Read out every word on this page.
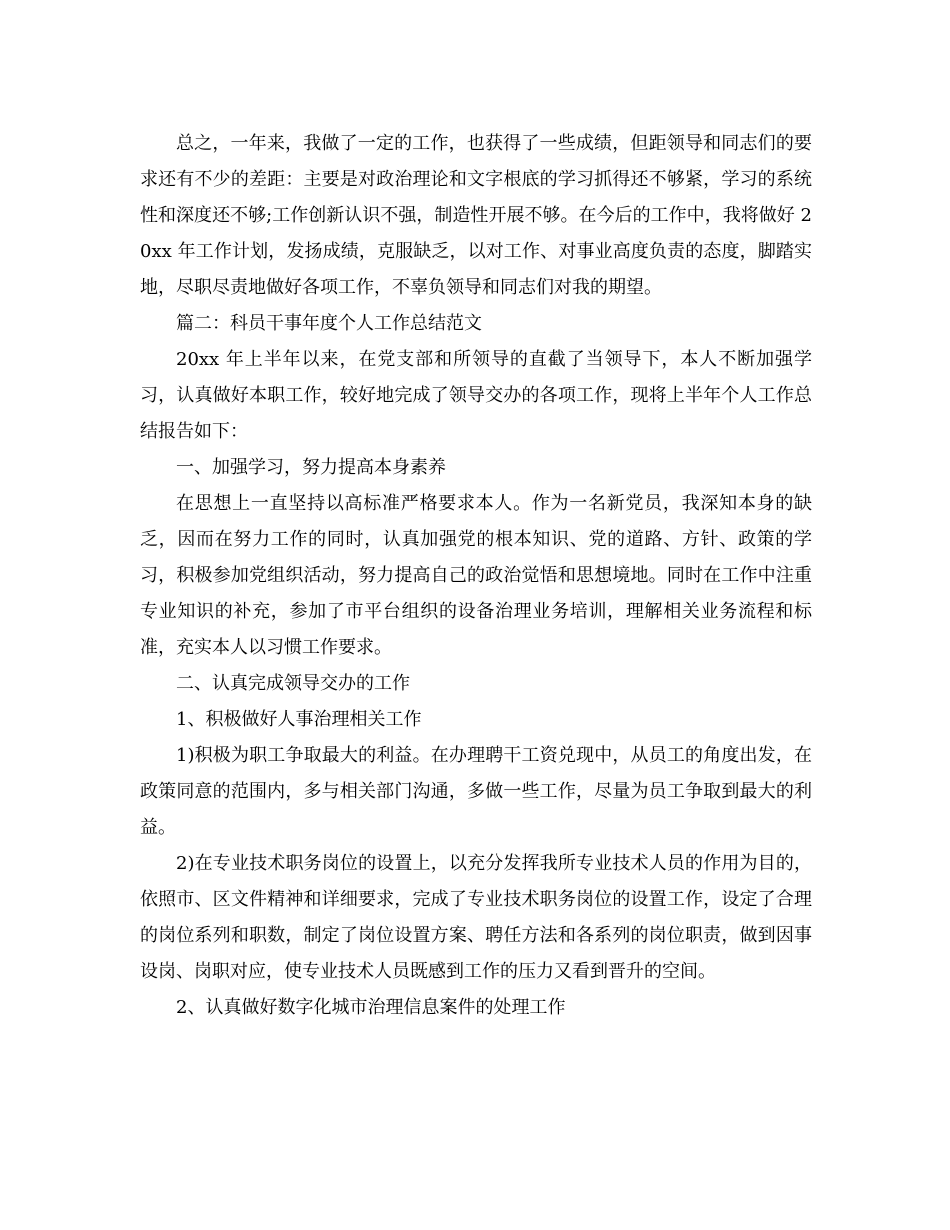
总之，一年来，我做了一定的工作，也获得了一些成绩，但距领导和同志们的要求还有不少的差距：主要是对政治理论和文字根底的学习抓得还不够紧，学习的系统性和深度还不够;工作创新认识不强，制造性开展不够。在今后的工作中，我将做好 20xx 年工作计划，发扬成绩，克服缺乏，以对工作、对事业高度负责的态度，脚踏实地，尽职尽责地做好各项工作，不辜负领导和同志们对我的期望。

篇二：科员干事年度个人工作总结范文

20xx 年上半年以来，在党支部和所领导的直截了当领导下，本人不断加强学习，认真做好本职工作，较好地完成了领导交办的各项工作，现将上半年个人工作总结报告如下：

一、加强学习，努力提高本身素养

在思想上一直坚持以高标准严格要求本人。作为一名新党员，我深知本身的缺乏，因而在努力工作的同时，认真加强党的根本知识、党的道路、方针、政策的学习，积极参加党组织活动，努力提高自己的政治觉悟和思想境地。同时在工作中注重专业知识的补充，参加了市平台组织的设备治理业务培训，理解相关业务流程和标准，充实本人以习惯工作要求。

二、认真完成领导交办的工作

1、积极做好人事治理相关工作

1)积极为职工争取最大的利益。在办理聘干工资兑现中，从员工的角度出发，在政策同意的范围内，多与相关部门沟通，多做一些工作，尽量为员工争取到最大的利益。

2)在专业技术职务岗位的设置上，以充分发挥我所专业技术人员的作用为目的，依照市、区文件精神和详细要求，完成了专业技术职务岗位的设置工作，设定了合理的岗位系列和职数，制定了岗位设置方案、聘任方法和各系列的岗位职责，做到因事设岗、岗职对应，使专业技术人员既感到工作的压力又看到晋升的空间。

2、认真做好数字化城市治理信息案件的处理工作
